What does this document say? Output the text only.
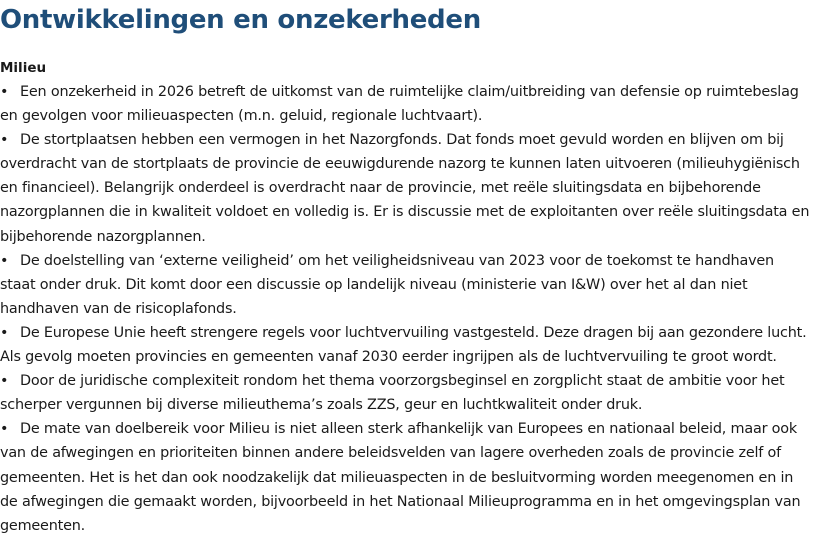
Ontwikkelingen en onzekerheden
Milieu
• Een onzekerheid in 2026 betreft de uitkomst van de ruimtelijke claim/uitbreiding van defensie op ruimtebeslag en gevolgen voor milieuaspecten (m.n. geluid, regionale luchtvaart).
• De stortplaatsen hebben een vermogen in het Nazorgfonds. Dat fonds moet gevuld worden en blijven om bij overdracht van de stortplaats de provincie de eeuwigdurende nazorg te kunnen laten uitvoeren (milieuhygiënisch en financieel). Belangrijk onderdeel is overdracht naar de provincie, met reële sluitingsdata en bijbehorende nazorgplannen die in kwaliteit voldoet en volledig is. Er is discussie met de exploitanten over reële sluitingsdata en bijbehorende nazorgplannen.
• De doelstelling van ‘externe veiligheid’ om het veiligheidsniveau van 2023 voor de toekomst te handhaven staat onder druk. Dit komt door een discussie op landelijk niveau (ministerie van I&W) over het al dan niet handhaven van de risicoplafonds.
• De Europese Unie heeft strengere regels voor luchtvervuiling vastgesteld. Deze dragen bij aan gezondere lucht. Als gevolg moeten provincies en gemeenten vanaf 2030 eerder ingrijpen als de luchtvervuiling te groot wordt.
• Door de juridische complexiteit rondom het thema voorzorgsbeginsel en zorgplicht staat de ambitie voor het scherper vergunnen bij diverse milieuthema’s zoals ZZS, geur en luchtkwaliteit onder druk.
• De mate van doelbereik voor Milieu is niet alleen sterk afhankelijk van Europees en nationaal beleid, maar ook van de afwegingen en prioriteiten binnen andere beleidsvelden van lagere overheden zoals de provincie zelf of gemeenten. Het is het dan ook noodzakelijk dat milieuaspecten in de besluitvorming worden meegenomen en in de afwegingen die gemaakt worden, bijvoorbeeld in het Nationaal Milieuprogramma en in het omgevingsplan van gemeenten.
